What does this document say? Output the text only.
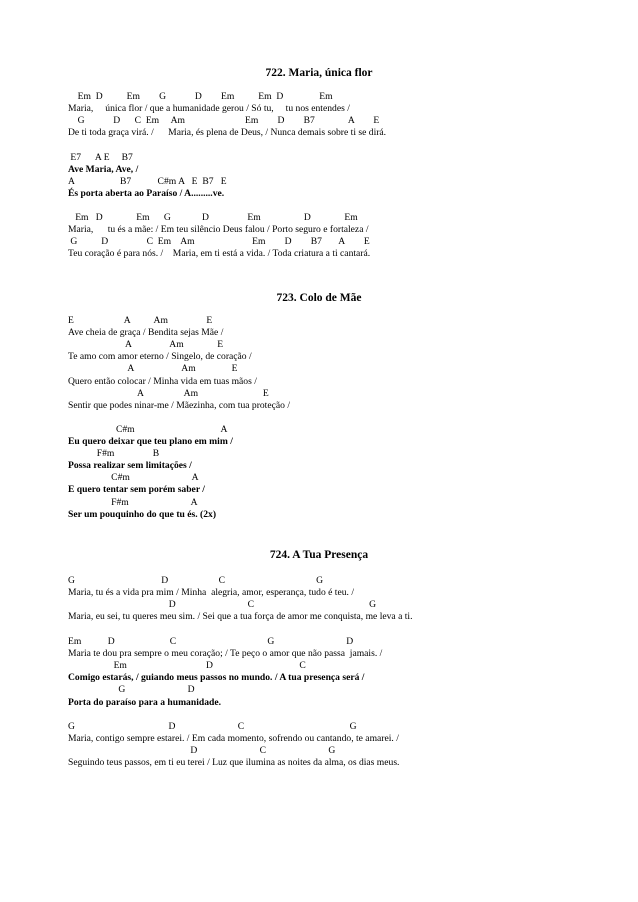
722. Maria, única flor
Em  D          Em        G            D        Em          Em  D               Em
Maria,     única flor / que a humanidade gerou / Só tu,     tu nos entendes /
G            D      C  Em     Am                         Em        D        B7              A        E
De ti toda graça virá. /      Maria, és plena de Deus, / Nunca demais sobre ti se dirá.
E7      A E     B7
Ave Maria, Ave, /
A                   B7           C#m A   E  B7   E
És porta aberta ao Paraíso / A.........ve.
Em   D              Em      G             D                Em                  D              Em
Maria,      tu és a mãe: / Em teu silêncio Deus falou / Porto seguro e fortaleza /
G          D                C  Em    Am                        Em        D        B7       A        E
Teu coração é para nós. /    Maria, em ti está a vida. / Toda criatura a ti cantará.
723. Colo de Mãe
E                     A          Am                E
Ave cheia de graça / Bendita sejas Mãe /
A                Am              E
Te amo com amor eterno / Singelo, de coração /
A                    Am               E
Quero então colocar / Minha vida em tuas mãos /
A                 Am                           E
Sentir que podes ninar-me / Mãezinha, com tua proteção /
C#m                                    A
Eu quero deixar que teu plano em mim /
F#m                B
Possa realizar sem limitações /
C#m                          A
E quero tentar sem porém saber /
F#m                          A
Ser um pouquinho do que tu és. (2x)
724. A Tua Presença
G                                    D                     C                                      G
Maria, tu és a vida pra mim / Minha  alegria, amor, esperança, tudo é teu. /
D                              C                                                G
Maria, eu sei, tu queres meu sim. / Sei que a tua força de amor me conquista, me leva a ti.
Em           D                       C                                      G                              D
Maria te dou pra sempre o meu coração; / Te peço o amor que não passa  jamais. /
Em                                 D                                    C
Comigo estarás, / guiando meus passos no mundo. / A tua presença será /
G                          D
Porta do paraíso para a humanidade.
G                                       D                          C                                            G
Maria, contigo sempre estarei. / Em cada momento, sofrendo ou cantando, te amarei. /
D                          C                          G
Seguindo teus passos, em ti eu terei / Luz que ilumina as noites da alma, os dias meus.
